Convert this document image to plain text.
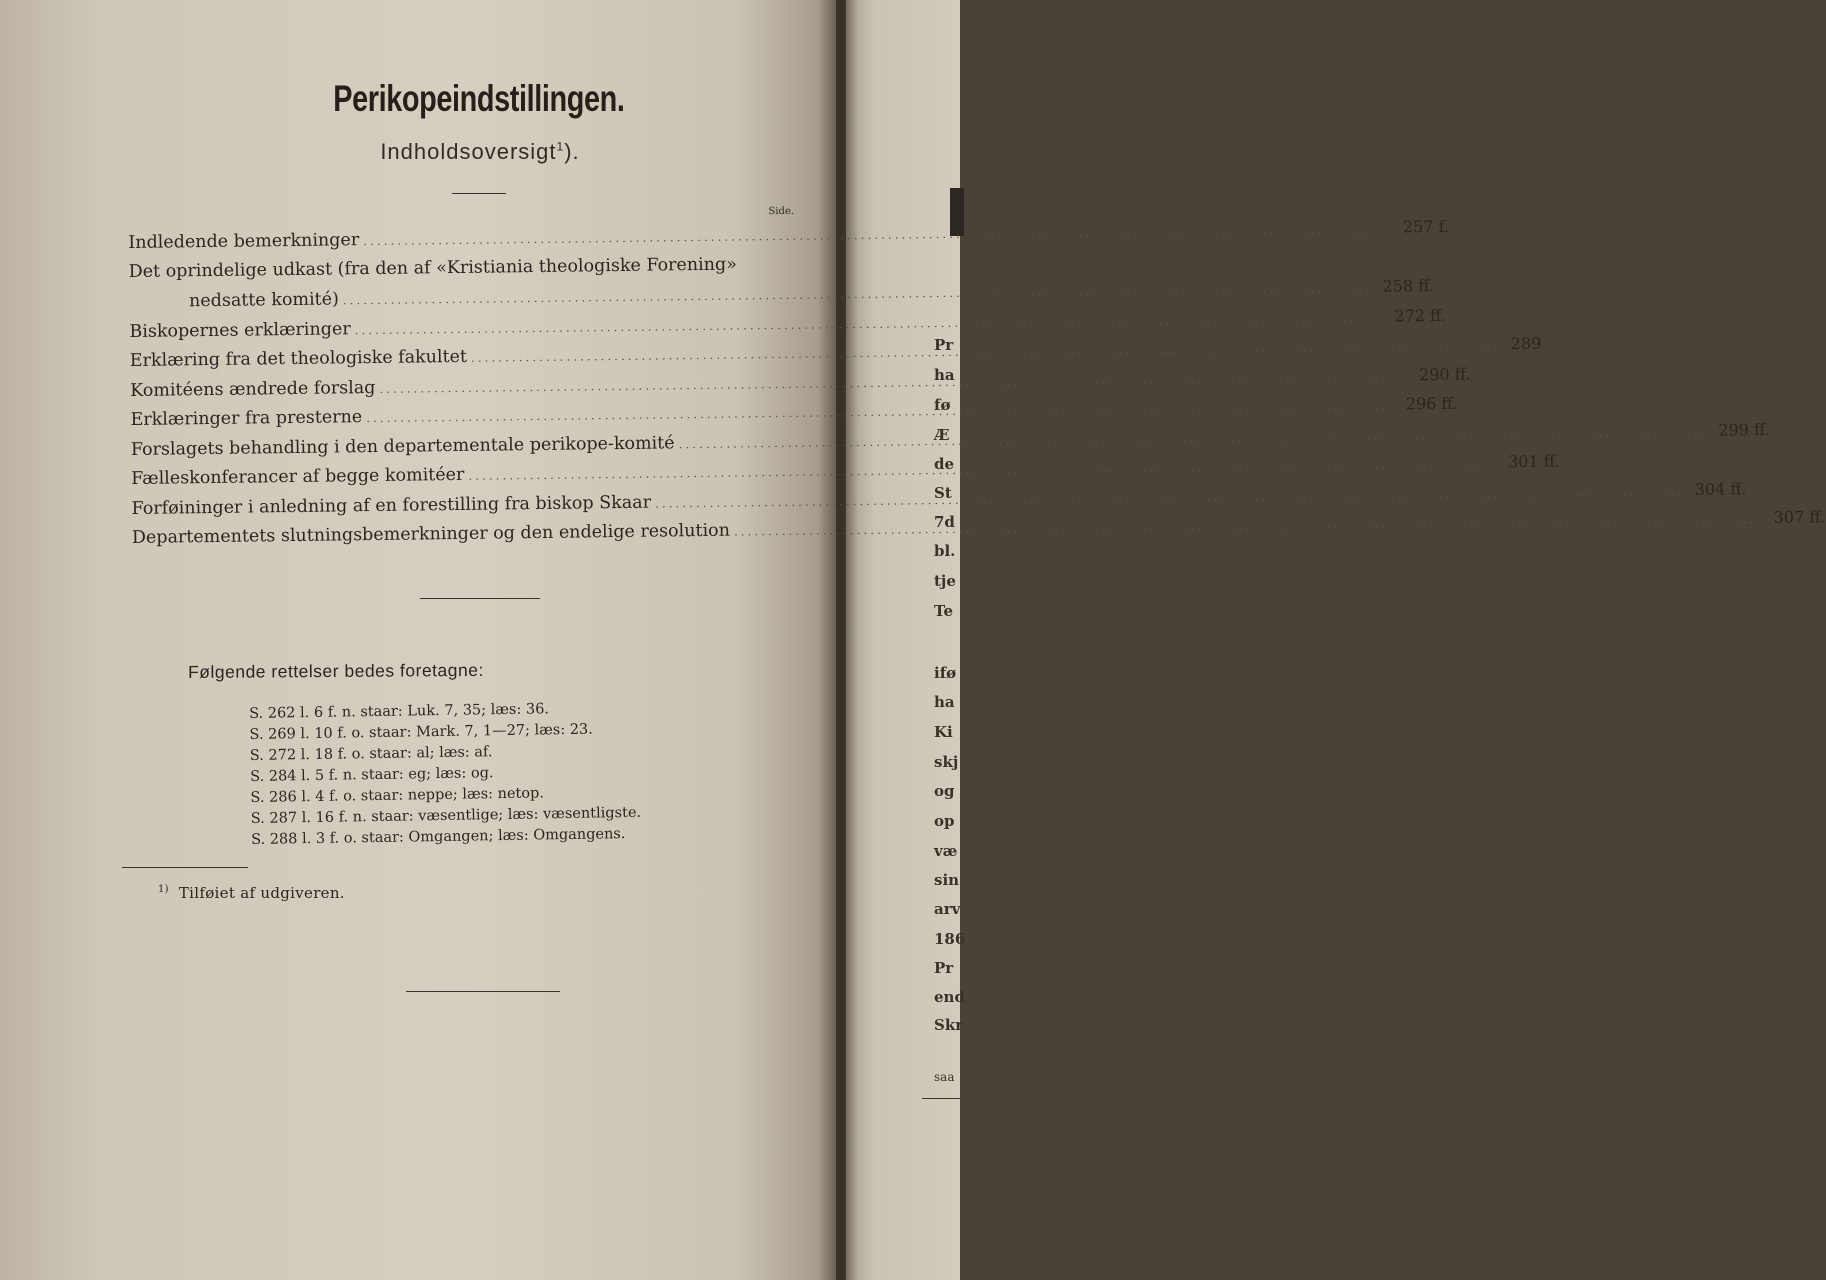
Pr
ha
fø
Æ
de
St
7d
bl.
tje
Te
ifø
ha
Ki
skj
og
op
væ
sin
arv
186
Pr
end
Skr
saa
Perikopeindstillingen.
Indholdsoversigt$^1$).
Side.
Indledende bemerkninger
.....
257 f.
Det oprindelige udkast (fra den af «Kristiania theologiske Forening»
nedsatte komité)
.....
258 ff.
Biskopernes erklæringer
.....
272 ff.
Erklæring fra det theologiske fakultet
.....
289
Komitéens ændrede forslag
.....
290 ff.
Erklæringer fra presterne
.....
296 ff.
Forslagets behandling i den departementale perikope-komité
.....
299 ff.
Fælleskonferancer af begge komitéer
.....
301 ff.
Forføininger i anledning af en forestilling fra biskop Skaar
.....
304 ff.
Departementets slutningsbemerkninger og den endelige resolution
.....
307 ff.
Følgende rettelser bedes foretagne:
S. 262 l. 6 f. n. staar: Luk. 7, 35; læs: 36.
S. 269 l. 10 f. o. staar: Mark. 7, 1—27; læs: 23.
S. 272 l. 18 f. o. staar: al; læs: af.
S. 284 l. 5 f. n. staar: eg; læs: og.
S. 286 l. 4 f. o. staar: neppe; læs: netop.
S. 287 l. 16 f. n. staar: væsentlige; læs: væsentligste.
S. 288 l. 3 f. o. staar: Omgangen; læs: Omgangens.
$^{1)}$ Tilføiet af udgiveren.
